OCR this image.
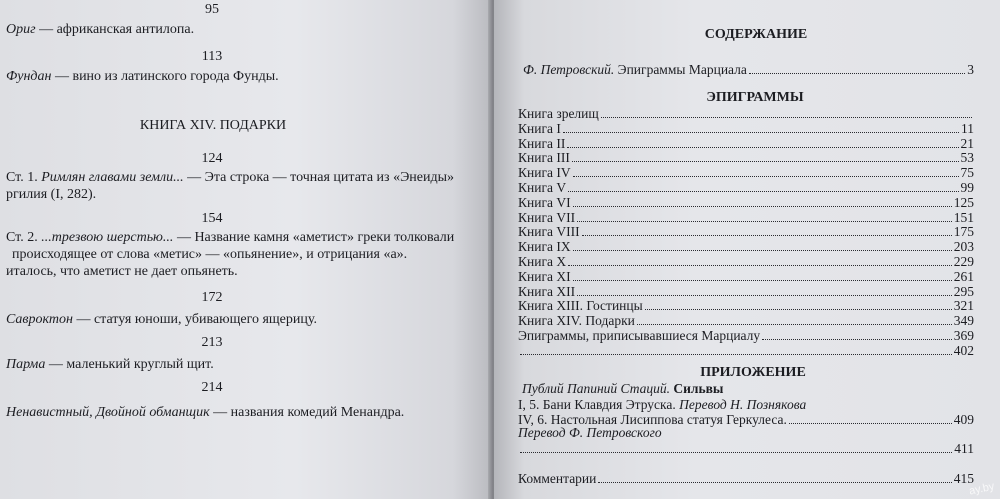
95
Ориг — африканская антилопа.
113
Фундан — вино из латинского города Фунды.
КНИГА XIV. ПОДАРКИ
124
Ст. 1. Римлян главами земли... — Эта строка — точная цитата из «Энеиды»
ргилия (I, 282).
154
Ст. 2. ...трезвою шерстью... — Название камня «аметист» греки толковали
происходящее от слова «метис» — «опьянение», и отрицания «а».
италось, что аметист не дает опьянеть.
172
Савроктон — статуя юноши, убивающего ящерицу.
213
Парма — маленький круглый щит.
214
Ненавистный, Двойной обманщик — названия комедий Менандра.
СОДЕРЖАНИЕ
Ф. Петровский. Эпиграммы Марциала	3
ЭПИГРАММЫ
Книга зрелищ
Книга I	11
Книга II	21
Книга III	53
Книга IV	75
Книга V	99
Книга VI	125
Книга VII	151
Книга VIII	175
Книга IX	203
Книга X	229
Книга XI	261
Книга XII	295
Книга XIII. Гостинцы	321
Книга XIV. Подарки	349
Эпиграммы, приписывавшиеся Марциалу	369
402
ПРИЛОЖЕНИЕ
Публий Папиний Стаций. Сильвы
I, 5. Бани Клавдия Этруска. Перевод Н. Познякова
IV, 6. Настольная Лисиппова статуя Геркулеса.	409
Перевод Ф. Петровского
411
Комментарии	415
ay.by
